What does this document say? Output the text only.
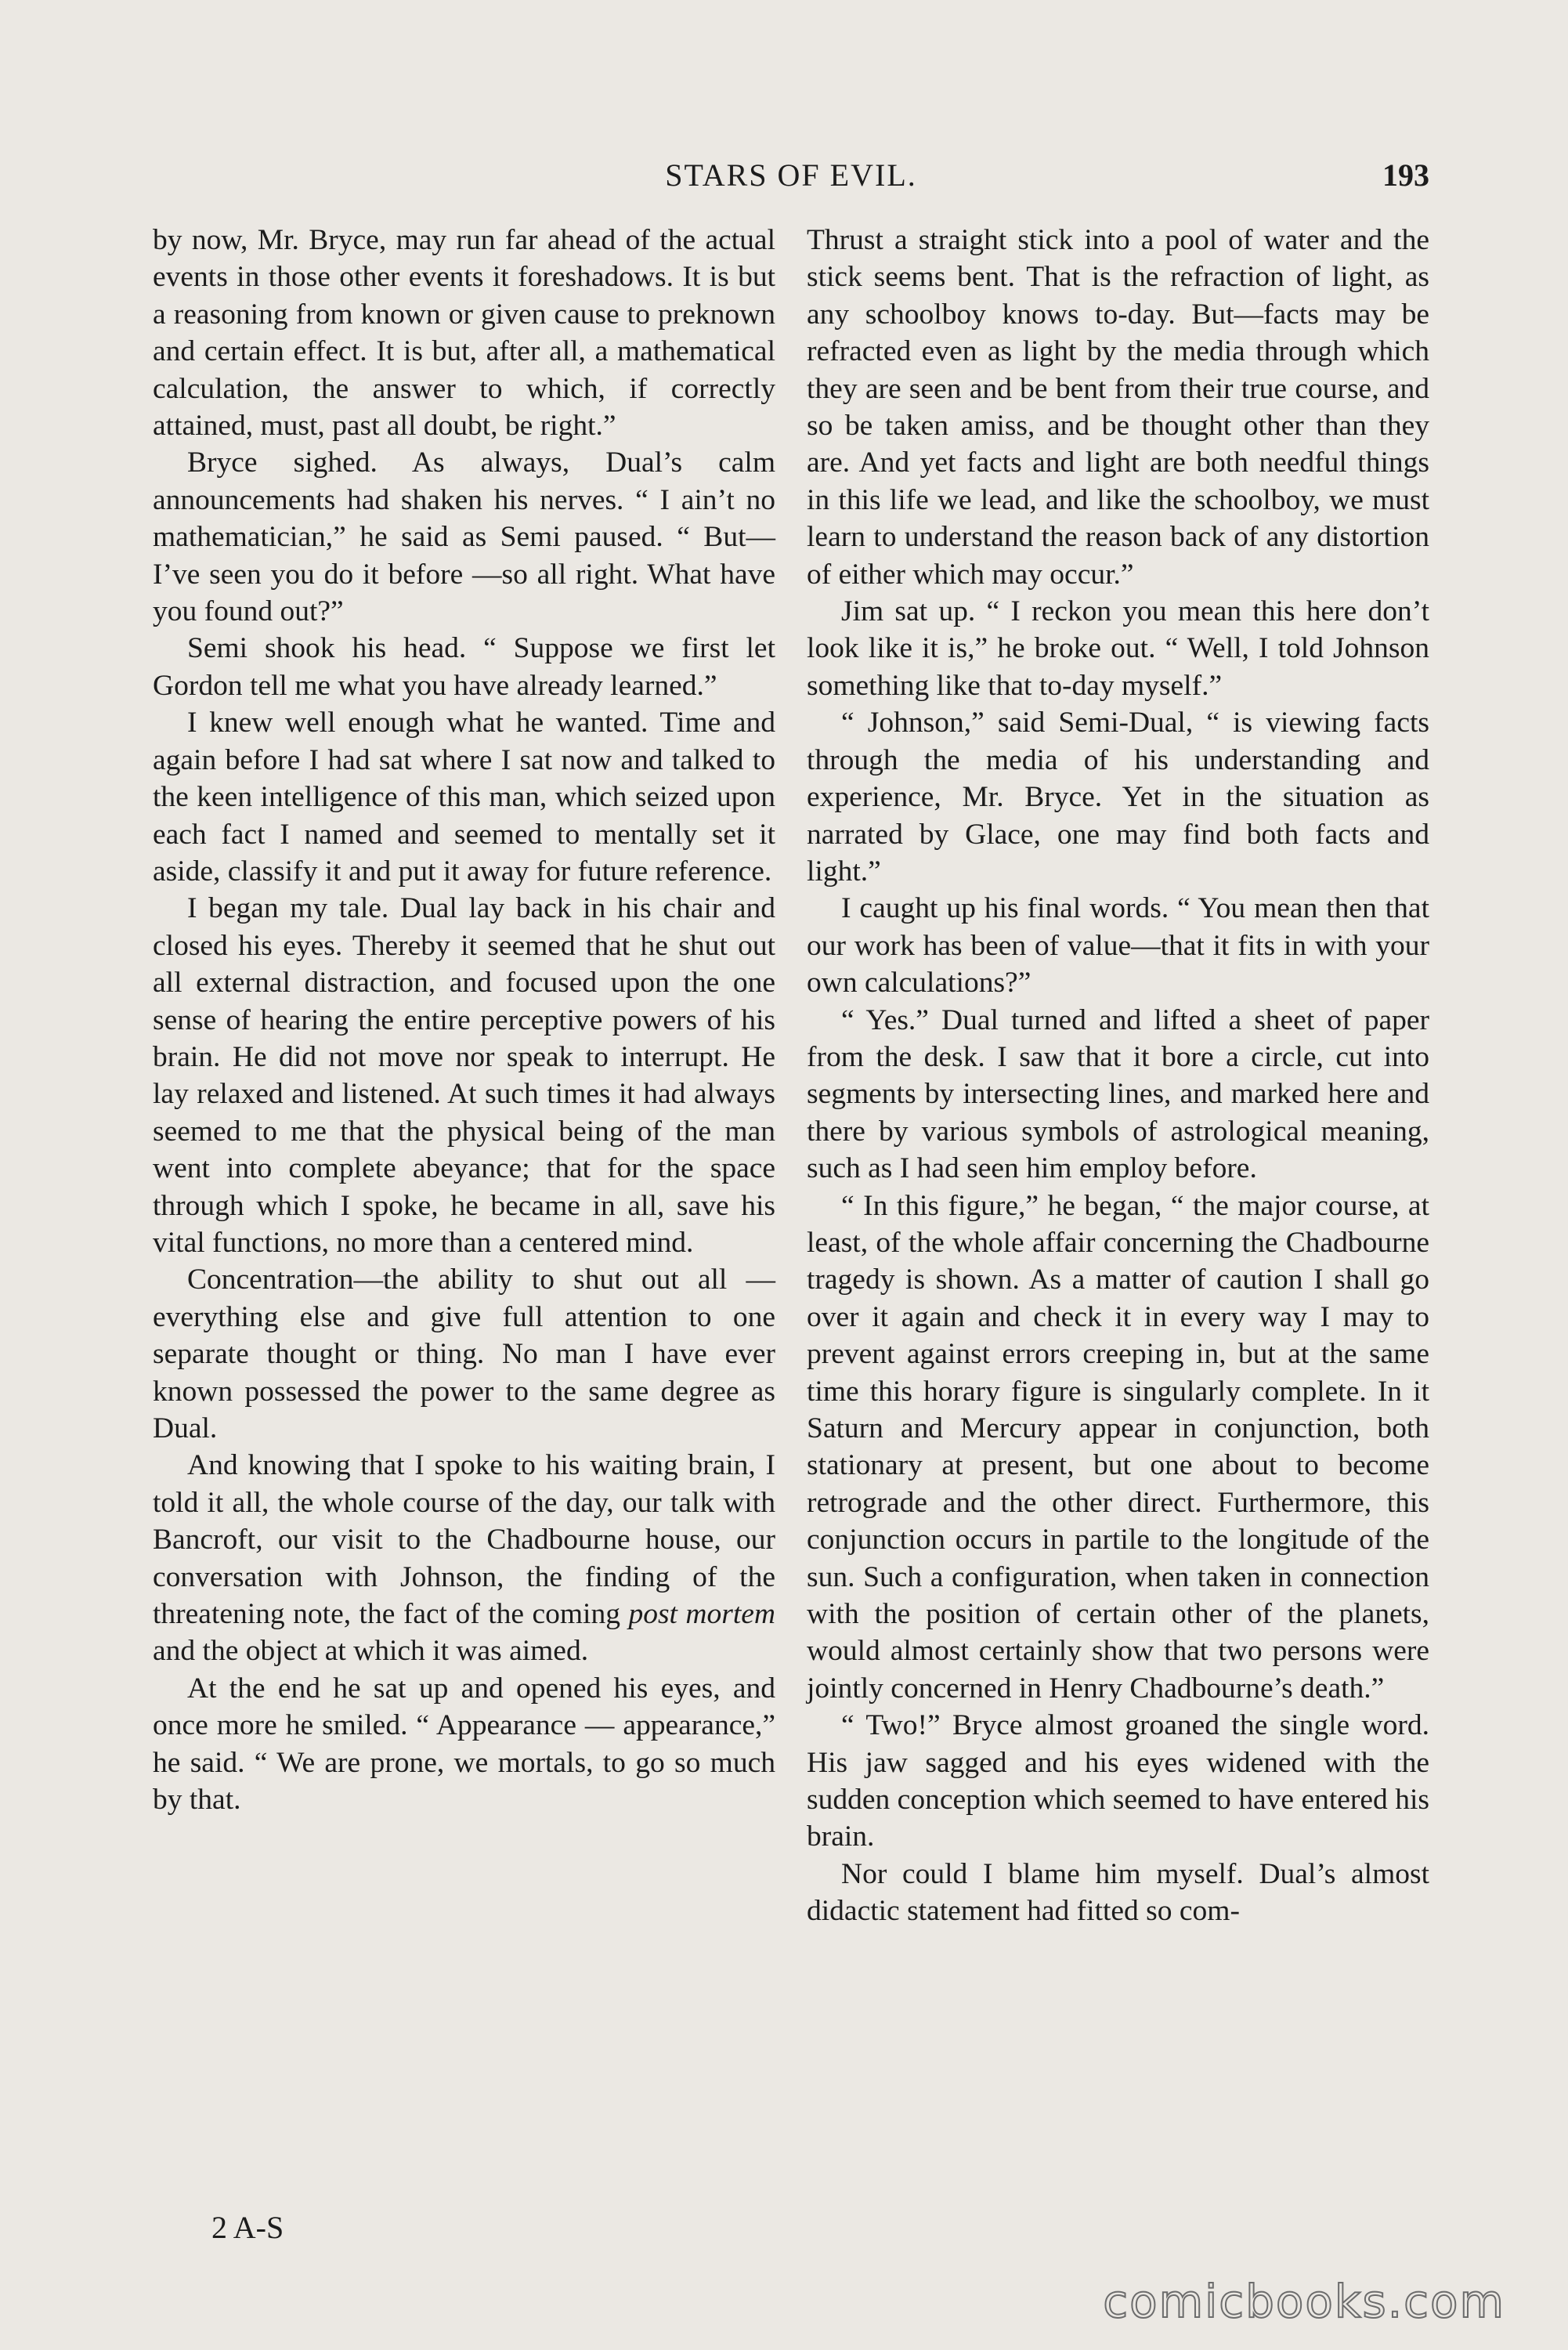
STARS OF EVIL.	193

by now, Mr. Bryce, may run far ahead of the actual events in those other events it foreshadows. It is but a reasoning from known or given cause to preknown and certain effect. It is but, after all, a mathematical calculation, the answer to which, if correctly attained, must, past all doubt, be right.”

Bryce sighed. As always, Dual’s calm announcements had shaken his nerves. “ I ain’t no mathematician,” he said as Semi paused. “ But—I’ve seen you do it before —so all right. What have you found out?”

Semi shook his head. “ Suppose we first let Gordon tell me what you have already learned.”

I knew well enough what he wanted. Time and again before I had sat where I sat now and talked to the keen intelligence of this man, which seized upon each fact I named and seemed to mentally set it aside, classify it and put it away for future reference.

I began my tale. Dual lay back in his chair and closed his eyes. Thereby it seemed that he shut out all external distraction, and focused upon the one sense of hearing the entire perceptive powers of his brain. He did not move nor speak to interrupt. He lay relaxed and listened. At such times it had always seemed to me that the physical being of the man went into complete abeyance; that for the space through which I spoke, he became in all, save his vital functions, no more than a centered mind.

Concentration—the ability to shut out all —everything else and give full attention to one separate thought or thing. No man I have ever known possessed the power to the same degree as Dual.

And knowing that I spoke to his waiting brain, I told it all, the whole course of the day, our talk with Bancroft, our visit to the Chadbourne house, our conversation with Johnson, the finding of the threatening note, the fact of the coming post mortem and the object at which it was aimed.

At the end he sat up and opened his eyes, and once more he smiled. “ Appearance — appearance,” he said. “ We are prone, we mortals, to go so much by that.

Thrust a straight stick into a pool of water and the stick seems bent. That is the refraction of light, as any schoolboy knows to-day. But—facts may be refracted even as light by the media through which they are seen and be bent from their true course, and so be taken amiss, and be thought other than they are. And yet facts and light are both needful things in this life we lead, and like the schoolboy, we must learn to understand the reason back of any distortion of either which may occur.”

Jim sat up. “ I reckon you mean this here don’t look like it is,” he broke out. “ Well, I told Johnson something like that to-day myself.”

“ Johnson,” said Semi-Dual, “ is viewing facts through the media of his understanding and experience, Mr. Bryce. Yet in the situation as narrated by Glace, one may find both facts and light.”

I caught up his final words. “ You mean then that our work has been of value—that it fits in with your own calculations?”

“ Yes.” Dual turned and lifted a sheet of paper from the desk. I saw that it bore a circle, cut into segments by intersecting lines, and marked here and there by various symbols of astrological meaning, such as I had seen him employ before.

“ In this figure,” he began, “ the major course, at least, of the whole affair concerning the Chadbourne tragedy is shown. As a matter of caution I shall go over it again and check it in every way I may to prevent against errors creeping in, but at the same time this horary figure is singularly complete. In it Saturn and Mercury appear in conjunction, both stationary at present, but one about to become retrograde and the other direct. Furthermore, this conjunction occurs in partile to the longitude of the sun. Such a configuration, when taken in connection with the position of certain other of the planets, would almost certainly show that two persons were jointly concerned in Henry Chadbourne’s death.”

“ Two!” Bryce almost groaned the single word. His jaw sagged and his eyes widened with the sudden conception which seemed to have entered his brain.

Nor could I blame him myself. Dual’s almost didactic statement had fitted so com-

2 A-S
comicbooks.com
